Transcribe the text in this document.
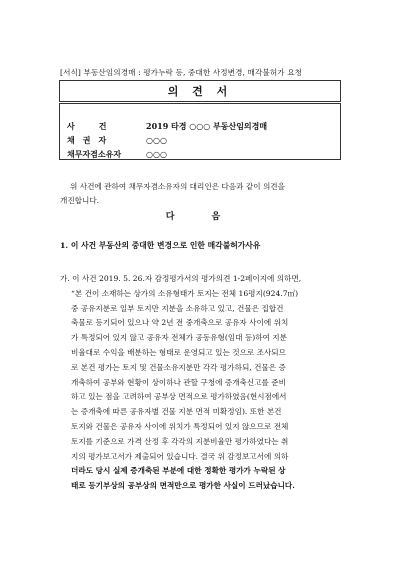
[서식] 부동산임의경매 : 평가누락 등, 중대한 사정변경, 매각불허가 요청
의 견 서
사　　　건	2019 타경 ○○○ 부동산임의경매
채　권　자	○○○
채무자겸소유자	○○○
위 사건에 관하여 채무자겸소유자의 대리인은 다음과 같이 의견을
개진합니다.
다　음
1. 이 사건 부동산의 중대한 변경으로 인한 매각불허가사유
가. 이 사건 2019. 5. 26.자 감정평가서의 평가의견 1-2페이지에 의하면,
“본 건이 소재하는 상가의 소유형태가 토지는 전체 16평지(924.7㎡)
중 공유지분로 일부 토지만 지분을 소유하고 있고, 건물은 집합건
축물로 등기되어 있으나 약 2년 전 중개축으로 공유자 사이에 위치
가 특정되어 있지 않고 공유자 전체가 공동유형(임대 등)하여 지분
비율대로 수익을 배분하는 형태로 운영되고 있는 것으로 조사되므
로 본건 평가는 토지 및 건물소유지분만 각각 평가하되, 건물은 증
개축하여 공부와 현황이 상이하나 관할 구청에 증개축신고를 준비
하고 있는 점을 고려하여 공부상 면적으로 평가하였음(현시점에서
는 증개축에 따른 공유자별 건물 지분 면적 미확정임). 또한 본건
토지와 건물은 공유자 사이에 위치가 특정되어 있지 않으므로 전체
토지를 기준으로 가격 산정 후 각각의 지분비율만 평가하였다는 취
지의 평가보고서가 제출되어 있습니다. 결국 위 감정보고서에 의하
더라도 당시 실제 증개축된 부분에 대한 정확한 평가가 누락된 상
태로 등기부상의 공부상의 면적만으로 평가한 사실이 드러났습니다.
